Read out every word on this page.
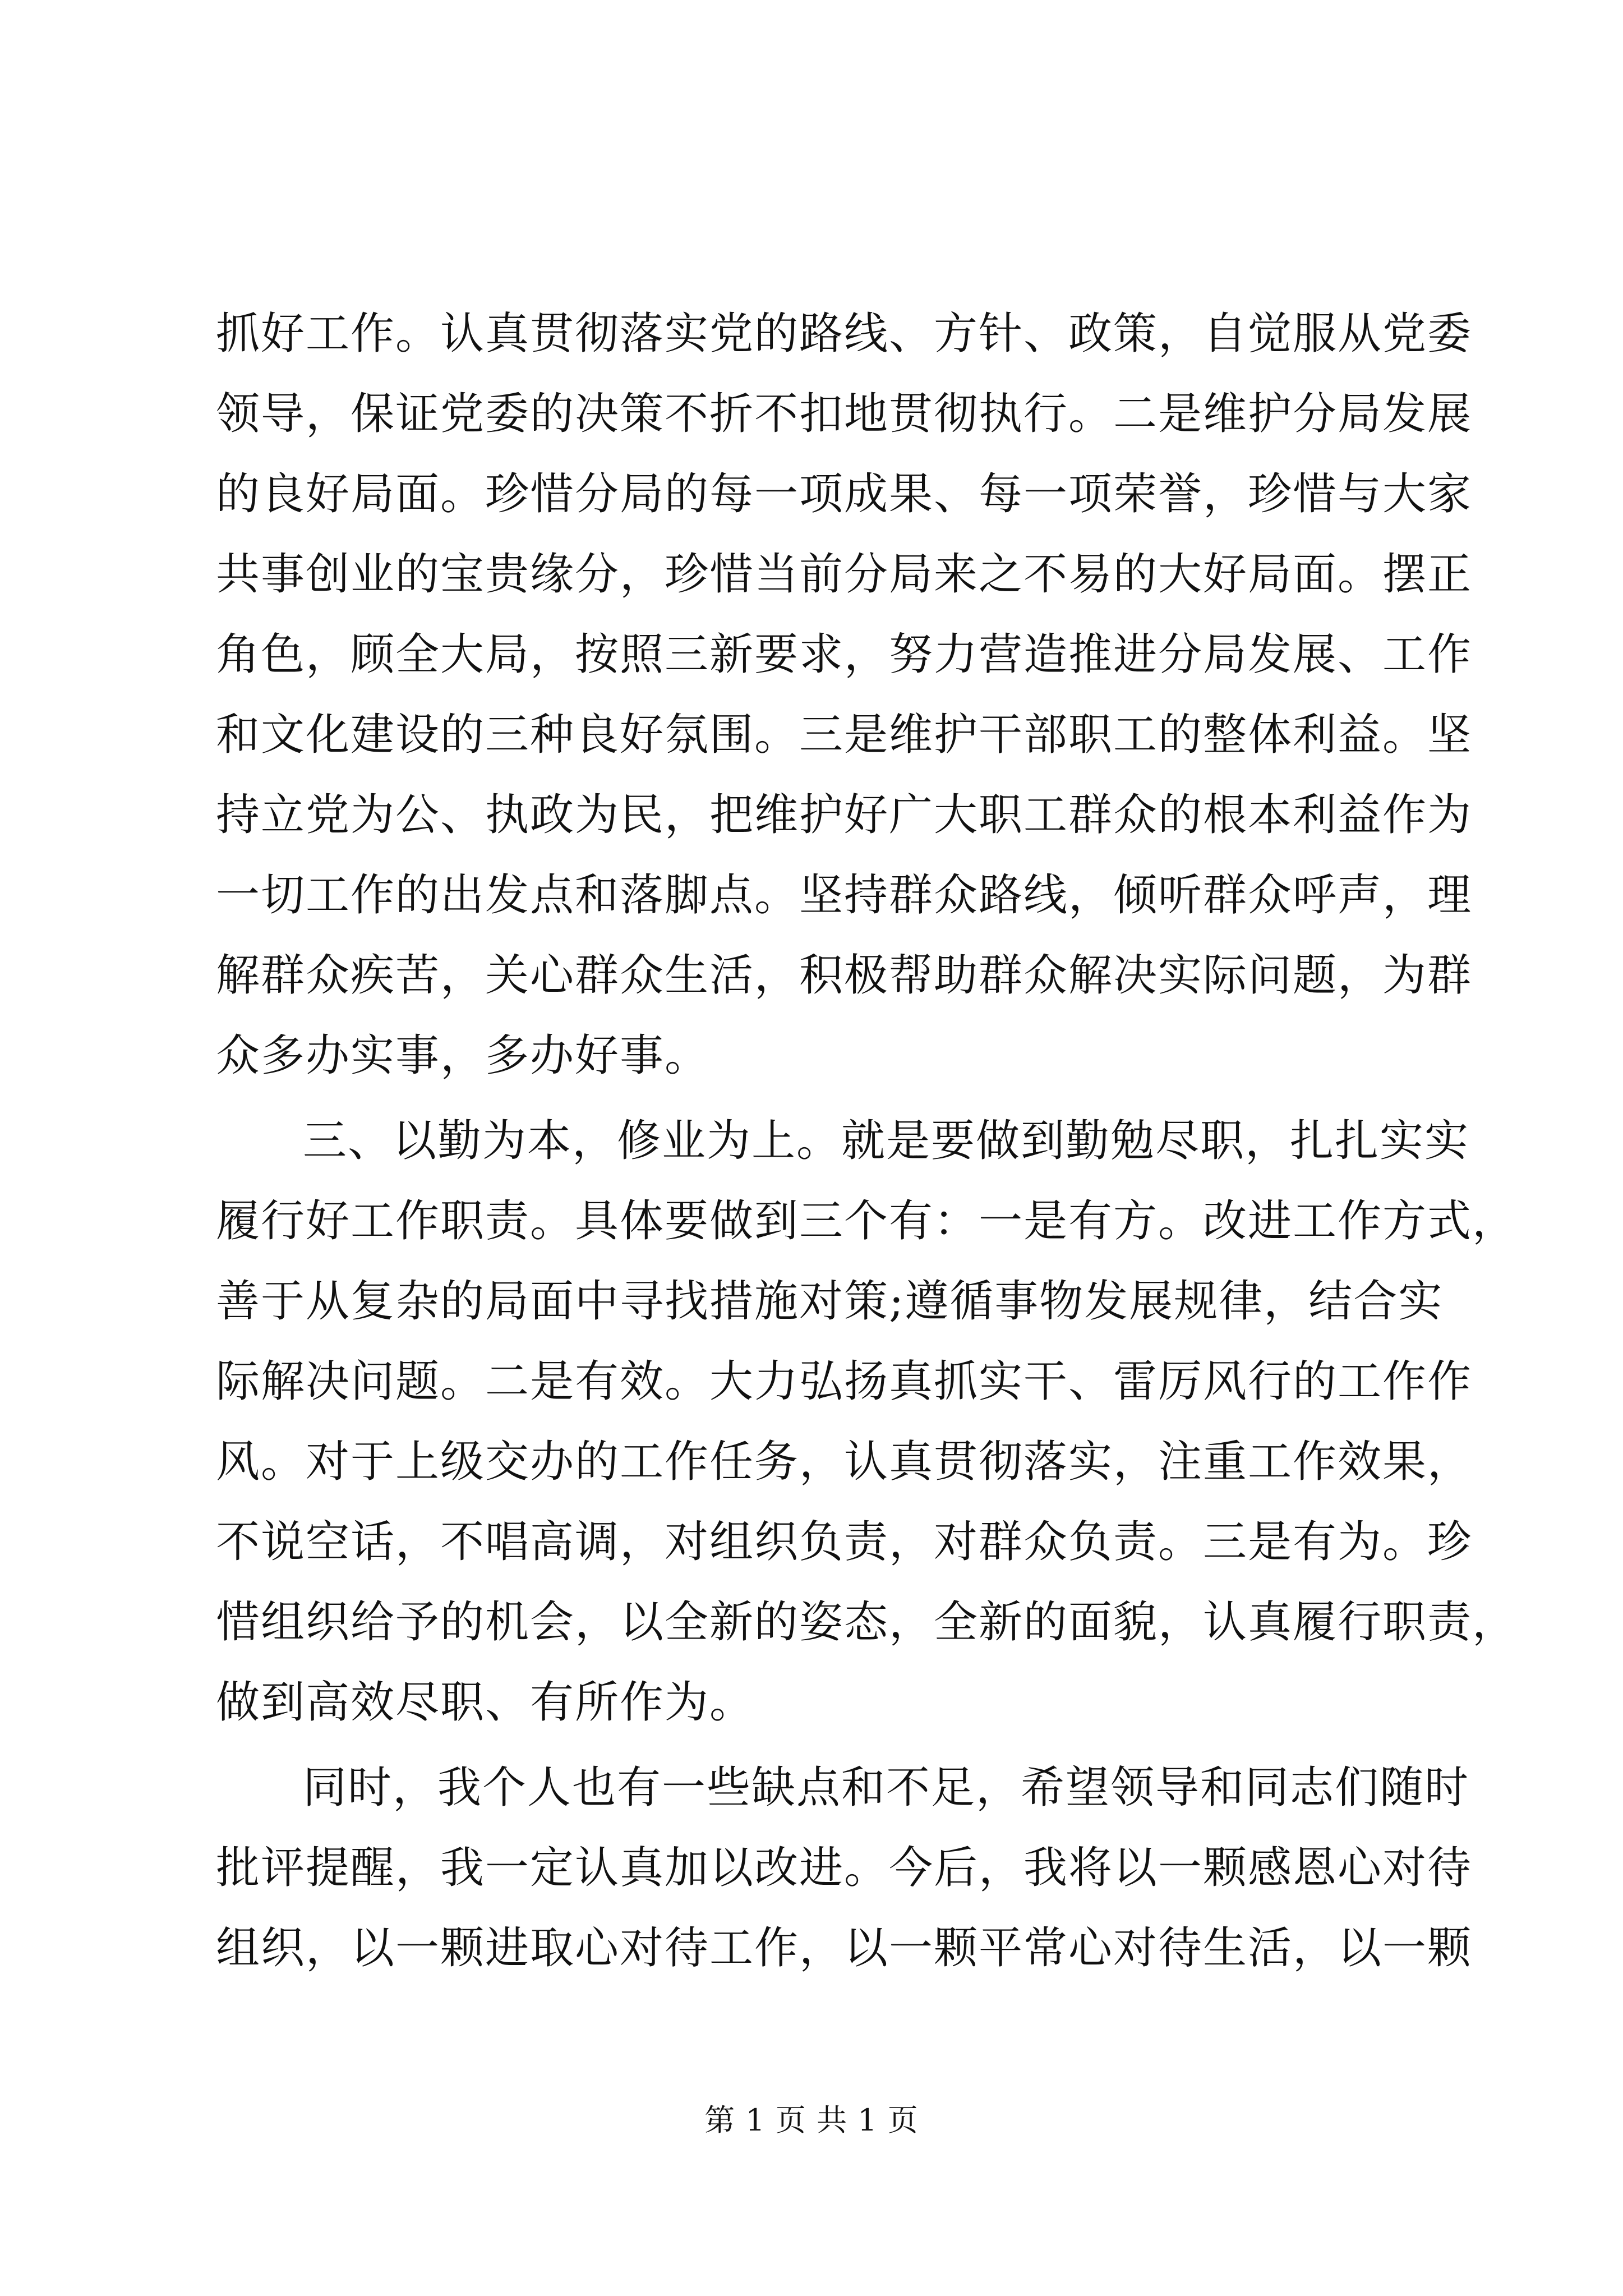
抓好工作。认真贯彻落实党的路线、方针、政策，自觉服从党委
领导，保证党委的决策不折不扣地贯彻执行。二是维护分局发展
的良好局面。珍惜分局的每一项成果、每一项荣誉，珍惜与大家
共事创业的宝贵缘分，珍惜当前分局来之不易的大好局面。摆正
角色，顾全大局，按照三新要求，努力营造推进分局发展、工作
和文化建设的三种良好氛围。三是维护干部职工的整体利益。坚
持立党为公、执政为民，把维护好广大职工群众的根本利益作为
一切工作的出发点和落脚点。坚持群众路线，倾听群众呼声，理
解群众疾苦，关心群众生活，积极帮助群众解决实际问题，为群
众多办实事，多办好事。
三、以勤为本，修业为上。就是要做到勤勉尽职，扎扎实实
履行好工作职责。具体要做到三个有：一是有方。改进工作方式，
善于从复杂的局面中寻找措施对策;遵循事物发展规律，结合实
际解决问题。二是有效。大力弘扬真抓实干、雷厉风行的工作作
风。对于上级交办的工作任务，认真贯彻落实，注重工作效果，
不说空话，不唱高调，对组织负责，对群众负责。三是有为。珍
惜组织给予的机会，以全新的姿态，全新的面貌，认真履行职责，
做到高效尽职、有所作为。
同时，我个人也有一些缺点和不足，希望领导和同志们随时
批评提醒，我一定认真加以改进。今后，我将以一颗感恩心对待
组织，以一颗进取心对待工作，以一颗平常心对待生活，以一颗
第 1 页 共 1 页
